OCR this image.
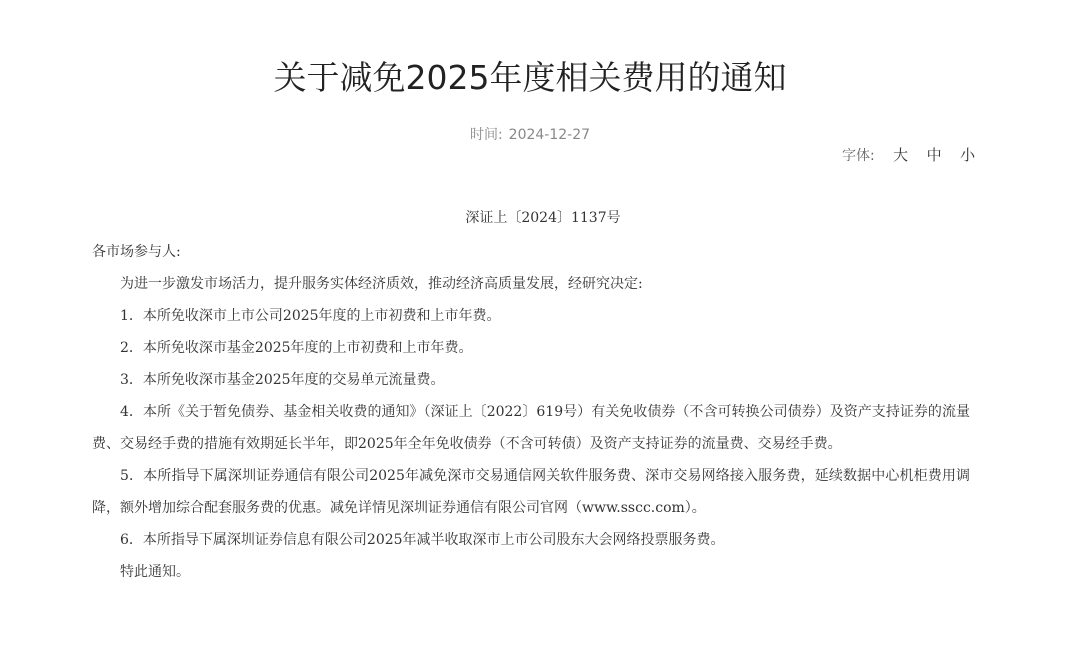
关于减免2025年度相关费用的通知
时间: 2024-12-27
字体: 大 中 小
深证上〔2024〕1137号

各市场参与人:

为进一步激发市场活力，提升服务实体经济质效，推动经济高质量发展，经研究决定:

1．本所免收深市上市公司2025年度的上市初费和上市年费。

2．本所免收深市基金2025年度的上市初费和上市年费。

3．本所免收深市基金2025年度的交易单元流量费。

4．本所《关于暂免债券、基金相关收费的通知》（深证上〔2022〕619号）有关免收债券（不含可转换公司债券）及资产支持证券的流量费、交易经手费的措施有效期延长半年，即2025年全年免收债券（不含可转债）及资产支持证券的流量费、交易经手费。

5．本所指导下属深圳证券通信有限公司2025年减免深市交易通信网关软件服务费、深市交易网络接入服务费，延续数据中心机柜费用调降，额外增加综合配套服务费的优惠。减免详情见深圳证券通信有限公司官网（www.sscc.com）。

6．本所指导下属深圳证券信息有限公司2025年减半收取深市上市公司股东大会网络投票服务费。

特此通知。
